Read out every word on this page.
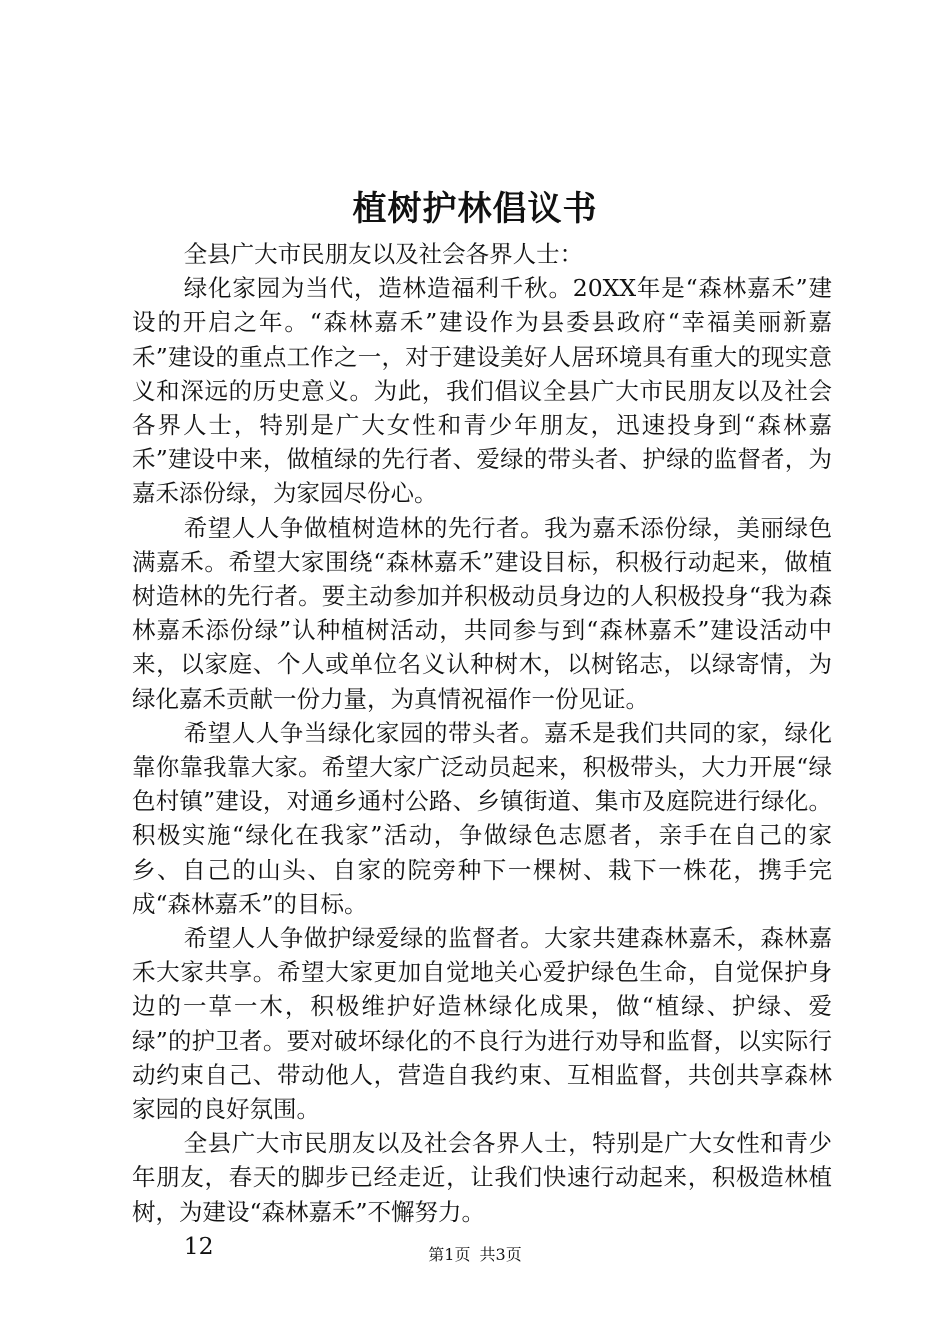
植树护林倡议书

全县广大市民朋友以及社会各界人士：

绿化家园为当代，造林造福利千秋。20XX年是“森林嘉禾”建设的开启之年。“森林嘉禾”建设作为县委县政府“幸福美丽新嘉禾”建设的重点工作之一，对于建设美好人居环境具有重大的现实意义和深远的历史意义。为此，我们倡议全县广大市民朋友以及社会各界人士，特别是广大女性和青少年朋友，迅速投身到“森林嘉禾”建设中来，做植绿的先行者、爱绿的带头者、护绿的监督者，为嘉禾添份绿，为家园尽份心。

希望人人争做植树造林的先行者。我为嘉禾添份绿，美丽绿色满嘉禾。希望大家围绕“森林嘉禾”建设目标，积极行动起来，做植树造林的先行者。要主动参加并积极动员身边的人积极投身“我为森林嘉禾添份绿”认种植树活动，共同参与到“森林嘉禾”建设活动中来，以家庭、个人或单位名义认种树木，以树铭志，以绿寄情，为绿化嘉禾贡献一份力量，为真情祝福作一份见证。

希望人人争当绿化家园的带头者。嘉禾是我们共同的家，绿化靠你靠我靠大家。希望大家广泛动员起来，积极带头，大力开展“绿色村镇”建设，对通乡通村公路、乡镇街道、集市及庭院进行绿化。积极实施“绿化在我家”活动，争做绿色志愿者，亲手在自己的家乡、自己的山头、自家的院旁种下一棵树、栽下一株花，携手完成“森林嘉禾”的目标。

希望人人争做护绿爱绿的监督者。大家共建森林嘉禾，森林嘉禾大家共享。希望大家更加自觉地关心爱护绿色生命，自觉保护身边的一草一木，积极维护好造林绿化成果，做“植绿、护绿、爱绿”的护卫者。要对破坏绿化的不良行为进行劝导和监督，以实际行动约束自己、带动他人，营造自我约束、互相监督，共创共享森林家园的良好氛围。

全县广大市民朋友以及社会各界人士，特别是广大女性和青少年朋友，春天的脚步已经走近，让我们快速行动起来，积极造林植树，为建设“森林嘉禾”不懈努力。

12	第1页 共3页
